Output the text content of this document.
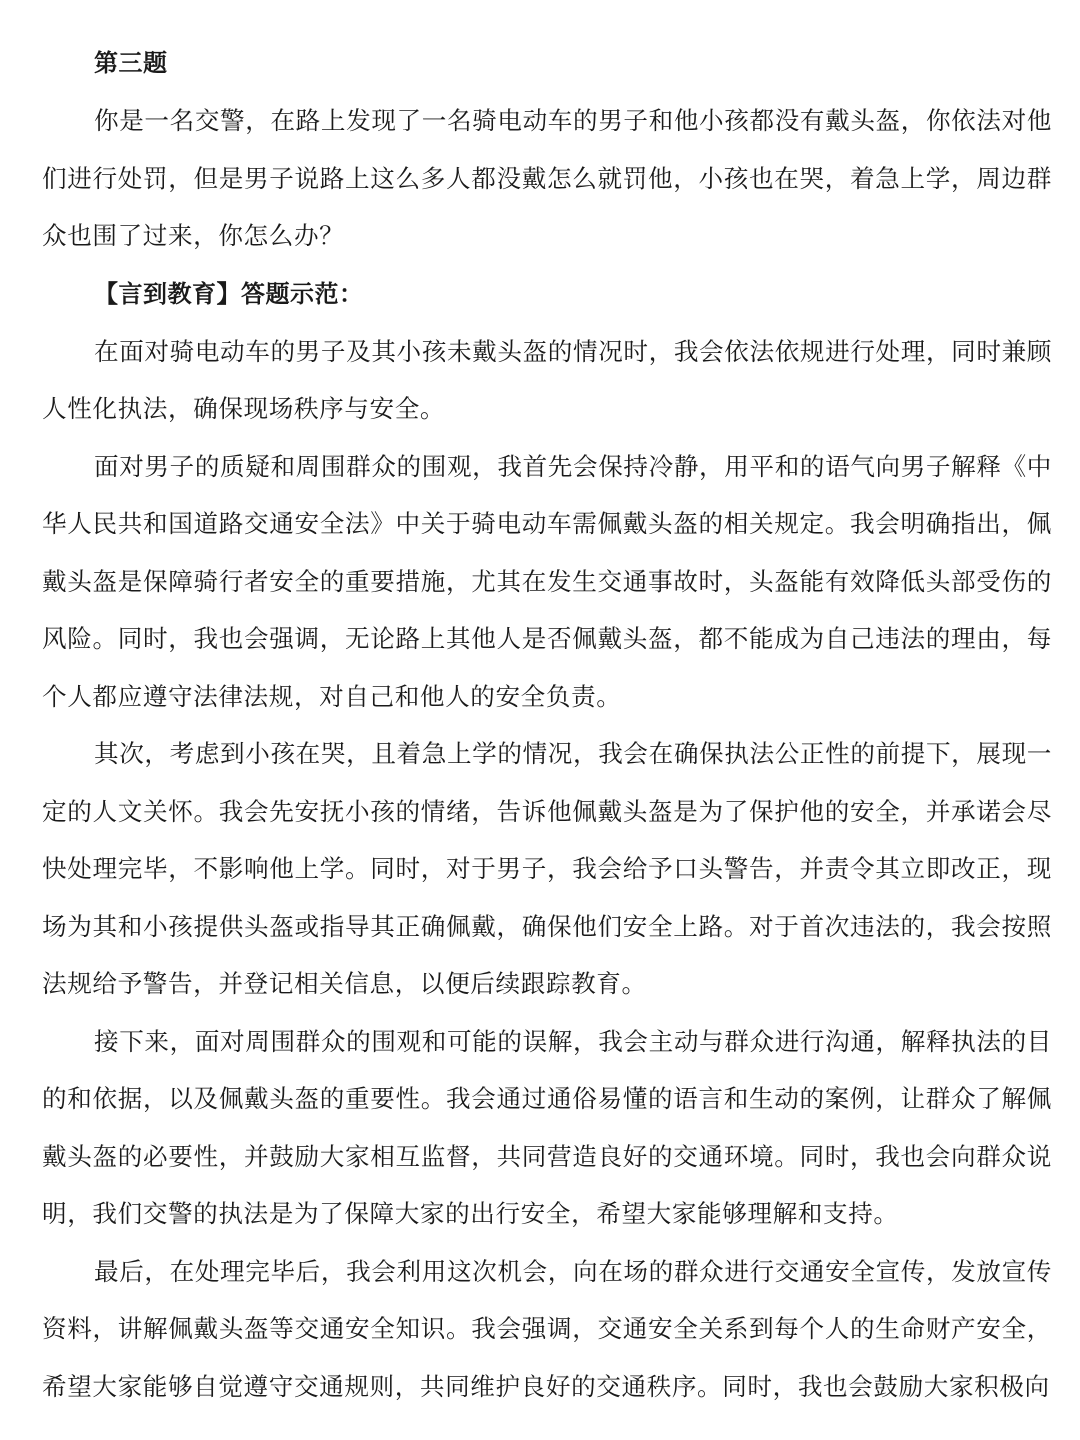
第三题

你是一名交警，在路上发现了一名骑电动车的男子和他小孩都没有戴头盔，你依法对他们进行处罚，但是男子说路上这么多人都没戴怎么就罚他，小孩也在哭，着急上学，周边群众也围了过来，你怎么办？

【言到教育】答题示范：

在面对骑电动车的男子及其小孩未戴头盔的情况时，我会依法依规进行处理，同时兼顾人性化执法，确保现场秩序与安全。

面对男子的质疑和周围群众的围观，我首先会保持冷静，用平和的语气向男子解释《中华人民共和国道路交通安全法》中关于骑电动车需佩戴头盔的相关规定。我会明确指出，佩戴头盔是保障骑行者安全的重要措施，尤其在发生交通事故时，头盔能有效降低头部受伤的风险。同时，我也会强调，无论路上其他人是否佩戴头盔，都不能成为自己违法的理由，每个人都应遵守法律法规，对自己和他人的安全负责。

其次，考虑到小孩在哭，且着急上学的情况，我会在确保执法公正性的前提下，展现一定的人文关怀。我会先安抚小孩的情绪，告诉他佩戴头盔是为了保护他的安全，并承诺会尽快处理完毕，不影响他上学。同时，对于男子，我会给予口头警告，并责令其立即改正，现场为其和小孩提供头盔或指导其正确佩戴，确保他们安全上路。对于首次违法的，我会按照法规给予警告，并登记相关信息，以便后续跟踪教育。

接下来，面对周围群众的围观和可能的误解，我会主动与群众进行沟通，解释执法的目的和依据，以及佩戴头盔的重要性。我会通过通俗易懂的语言和生动的案例，让群众了解佩戴头盔的必要性，并鼓励大家相互监督，共同营造良好的交通环境。同时，我也会向群众说明，我们交警的执法是为了保障大家的出行安全，希望大家能够理解和支持。

最后，在处理完毕后，我会利用这次机会，向在场的群众进行交通安全宣传，发放宣传资料，讲解佩戴头盔等交通安全知识。我会强调，交通安全关系到每个人的生命财产安全，希望大家能够自觉遵守交通规则，共同维护良好的交通秩序。同时，我也会鼓励大家积极向
